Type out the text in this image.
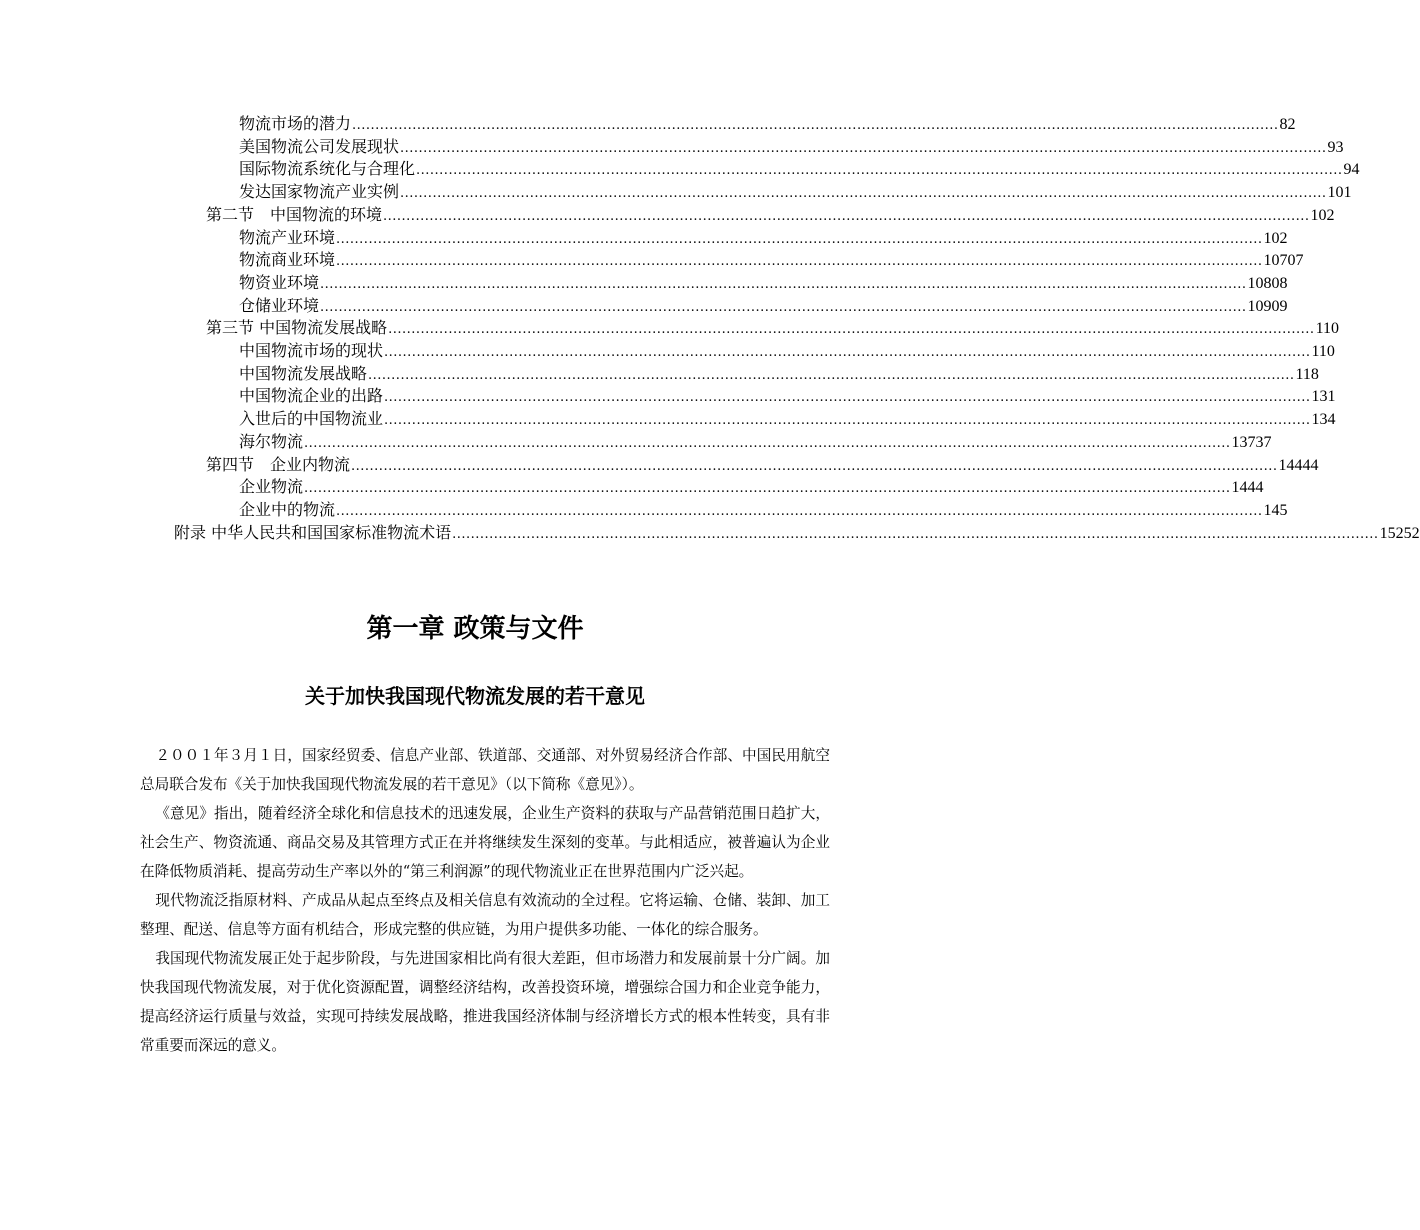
物流市场的潜力 ........................................................................................................................................................................................................ 82
美国物流公司发展现状 ........................................................................................................................................................................................................ 93
国际物流系统化与合理化 ........................................................................................................................................................................................................ 94
发达国家物流产业实例 ........................................................................................................................................................................................................ 101
第二节　中国物流的环境 ........................................................................................................................................................................................................ 102
物流产业环境 ........................................................................................................................................................................................................ 102
物流商业环境 ........................................................................................................................................................................................................ 10707
物资业环境 ........................................................................................................................................................................................................ 10808
仓储业环境 ........................................................................................................................................................................................................ 10909
第三节 中国物流发展战略 ........................................................................................................................................................................................................ 110
中国物流市场的现状 ........................................................................................................................................................................................................ 110
中国物流发展战略 ........................................................................................................................................................................................................ 118
中国物流企业的出路 ........................................................................................................................................................................................................ 131
入世后的中国物流业 ........................................................................................................................................................................................................ 134
海尔物流 ........................................................................................................................................................................................................ 13737
第四节　企业内物流 ........................................................................................................................................................................................................ 14444
企业物流 ........................................................................................................................................................................................................ 1444
企业中的物流 ........................................................................................................................................................................................................ 145
附录 中华人民共和国国家标准物流术语 ........................................................................................................................................................................................................ 15252
第一章 政策与文件
关于加快我国现代物流发展的若干意见

２００１年３月１日，国家经贸委、信息产业部、铁道部、交通部、对外贸易经济合作部、中国民用航空总局联合发布《关于加快我国现代物流发展的若干意见》（以下简称《意见》）。

《意见》指出，随着经济全球化和信息技术的迅速发展，企业生产资料的获取与产品营销范围日趋扩大，社会生产、物资流通、商品交易及其管理方式正在并将继续发生深刻的变革。与此相适应，被普遍认为企业在降低物质消耗、提高劳动生产率以外的“第三利润源”的现代物流业正在世界范围内广泛兴起。

现代物流泛指原材料、产成品从起点至终点及相关信息有效流动的全过程。它将运输、仓储、装卸、加工整理、配送、信息等方面有机结合，形成完整的供应链，为用户提供多功能、一体化的综合服务。

我国现代物流发展正处于起步阶段，与先进国家相比尚有很大差距，但市场潜力和发展前景十分广阔。加快我国现代物流发展，对于优化资源配置，调整经济结构，改善投资环境，增强综合国力和企业竞争能力，提高经济运行质量与效益，实现可持续发展战略，推进我国经济体制与经济增长方式的根本性转变，具有非常重要而深远的意义。
